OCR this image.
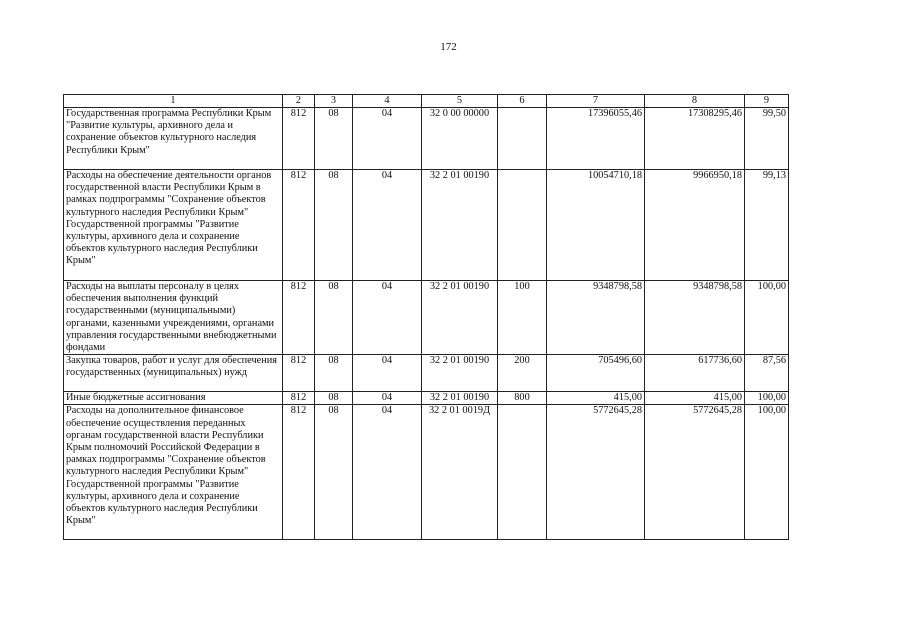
172
1	2	3	4	5	6	7	8	9
Государственная программа Республики Крым "Развитие культуры, архивного дела и сохранение объектов культурного наследия Республики Крым"	812	08	04	32 0 00 00000		17396055,46	17308295,46	99,50
Расходы на обеспечение деятельности органов государственной власти Республики Крым в рамках подпрограммы "Сохранение объектов культурного наследия Республики Крым" Государственной программы "Развитие культуры, архивного дела и сохранение объектов культурного наследия Республики Крым"	812	08	04	32 2 01 00190		10054710,18	9966950,18	99,13
Расходы на выплаты персоналу в целях обеспечения выполнения функций государственными (муниципальными) органами, казенными учреждениями, органами управления государственными внебюджетными фондами	812	08	04	32 2 01 00190	100	9348798,58	9348798,58	100,00
Закупка товаров, работ и услуг для обеспечения государственных (муниципальных) нужд	812	08	04	32 2 01 00190	200	705496,60	617736,60	87,56
Иные бюджетные ассигнования	812	08	04	32 2 01 00190	800	415,00	415,00	100,00
Расходы на дополнительное финансовое обеспечение осуществления переданных органам государственной власти Республики Крым полномочий Российской Федерации в рамках подпрограммы "Сохранение объектов культурного наследия Республики Крым" Государственной программы "Развитие культуры, архивного дела и сохранение объектов культурного наследия Республики Крым"	812	08	04	32 2 01 0019Д		5772645,28	5772645,28	100,00
